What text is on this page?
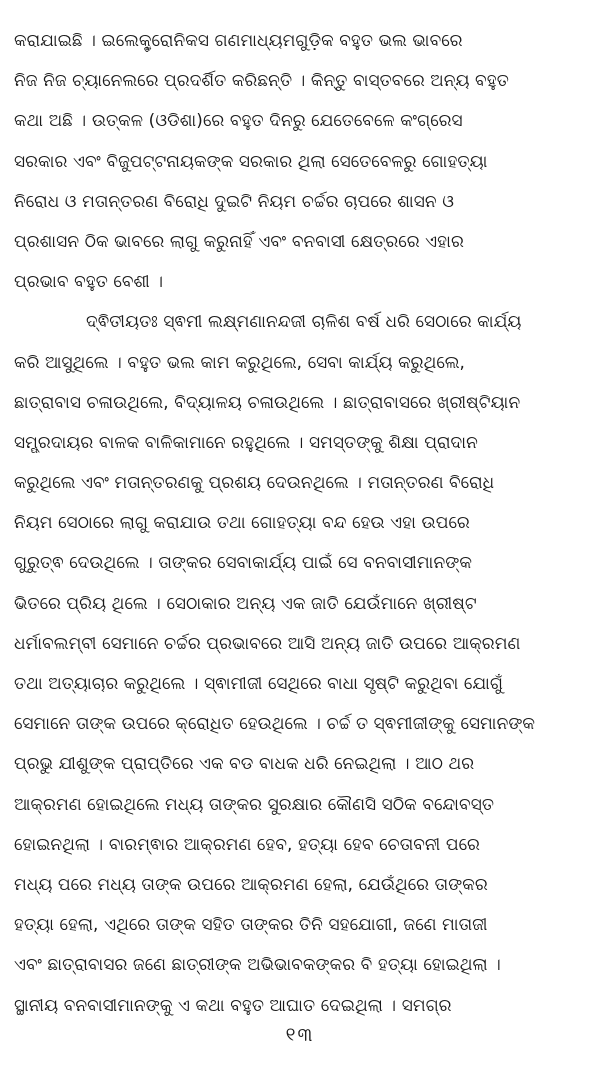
କରାଯାଇଛି । ଇଲେକ୍ଟ୍ରୋନିକସ ଗଣମାଧ୍ୟମଗୁଡ଼ିକ ବହୁତ ଭଲ ଭାବରେ
ନିଜ ନିଜ ଚ୍ୟାନେଲରେ ପ୍ରଦର୍ଶିତ କରିଛନ୍ତି । କିନ୍ତୁ ବାସ୍ତବରେ ଅନ୍ୟ ବହୁତ
କଥା ଅଛି । ଉତ୍କଳ (ଓଡିଶା)ରେ ବହୁତ ଦିନରୁ ଯେତେବେଳେ କଂଗ୍ରେସ
ସରକାର ଏବଂ ବିଜୁପଟ୍ଟନାୟକଙ୍କ ସରକାର ଥିଲା ସେତେବେଳରୁ ଗୋହତ୍ୟା
ନିରୋଧ ଓ ମତାନ୍ତରଣ ବିରୋଧି ଦୁଇଟି ନିୟମ ଚର୍ଚ୍ଚର ଚାପରେ ଶାସନ ଓ
ପ୍ରଶାସନ ଠିକ ଭାବରେ ଲାଗୁ କରୁନାହିଁ ଏବଂ ବନବାସୀ କ୍ଷେତ୍ରରେ ଏହାର
ପ୍ରଭାବ ବହୁତ ବେଶୀ ।
ଦ୍ଵିତୀୟତଃ ସ୍ଵମୀ ଲକ୍ଷ୍ମଣାନନ୍ଦଜୀ ଚାଳିଶ ବର୍ଷ ଧରି ସେଠାରେ କାର୍ଯ୍ୟ
କରି ଆସୁଥିଲେ । ବହୁତ ଭଲ କାମ କରୁଥିଲେ, ସେବା କାର୍ଯ୍ୟ କରୁଥିଲେ,
ଛାତ୍ରାବାସ ଚଳାଉଥିଲେ, ବିଦ୍ୟାଳୟ ଚଳାଉଥିଲେ । ଛାତ୍ରାବାସରେ ଖ୍ରୀଷ୍ଟିୟାନ
ସମ୍ପ୍ରଦାୟର ବାଳକ ବାଳିକାମାନେ ରହୁଥିଲେ । ସମସ୍ତଙ୍କୁ ଶିକ୍ଷା ପ୍ରାଦାନ
କରୁଥିଲେ ଏବଂ ମତାନ୍ତରଣକୁ ପ୍ରଶୟ ଦେଉନଥିଲେ । ମତାନ୍ତରଣ ବିରୋଧି
ନିୟମ ସେଠାରେ ଲାଗୁ କରାଯାଉ ତଥା ଗୋହତ୍ୟା ବନ୍ଦ ହେଉ ଏହା ଉପରେ
ଗୁରୁତ୍ଵ ଦେଉଥିଲେ । ତାଙ୍କର ସେବାକାର୍ଯ୍ୟ ପାଇଁ ସେ ବନବାସୀମାନଙ୍କ
ଭିତରେ ପ୍ରିୟ ଥିଲେ । ସେଠାକାର ଅନ୍ୟ ଏକ ଜାତି ଯେଉଁମାନେ ଖ୍ରୀଷ୍ଟ
ଧର୍ମାବଲମ୍ବୀ ସେମାନେ ଚର୍ଚ୍ଚର ପ୍ରଭାବରେ ଆସି ଅନ୍ୟ ଜାତି ଉପରେ ଆକ୍ରମଣ
ତଥା ଅତ୍ୟାଚାର କରୁଥିଲେ । ସ୍ଵାମୀଜୀ ସେଥିରେ ବାଧା ସୃଷ୍ଟି କରୁଥିବା ଯୋଗୁଁ
ସେମାନେ ତାଙ୍କ ଉପରେ କ୍ରୋଧିତ ହେଉଥିଲେ । ଚର୍ଚ୍ଚ ତ ସ୍ଵମୀଜୀଙ୍କୁ ସେମାନଙ୍କ
ପ୍ରଭୁ ଯୀଶୁଙ୍କ ପ୍ରାପ୍ତିରେ ଏକ ବଡ ବାଧକ ଧରି ନେଇଥିଲା । ଆଠ ଥର
ଆକ୍ରମଣ ହୋଇଥିଲେ ମଧ୍ୟ ତାଙ୍କର ସୁରକ୍ଷାର କୌଣସି ସଠିକ ବନ୍ଦୋବସ୍ତ
ହୋଇନଥିଲା । ବାରମ୍ଵାର ଆକ୍ରମଣ ହେବ, ହତ୍ୟା ହେବ ଚେତାବନୀ ପରେ
ମଧ୍ୟ ପରେ ମଧ୍ୟ ତାଙ୍କ ଉପରେ ଆକ୍ରମଣ ହେଲା, ଯେଉଁଥିରେ ତାଙ୍କର
ହତ୍ୟା ହେଲା, ଏଥିରେ ତାଙ୍କ ସହିତ ତାଙ୍କର ତିନି ସହଯୋଗୀ, ଜଣେ ମାତାଜୀ
ଏବଂ ଛାତ୍ରାବାସର ଜଣେ ଛାତ୍ରୀଙ୍କ ଅଭିଭାବକଙ୍କର ବି ହତ୍ୟା ହୋଇଥିଲା ।
ସ୍ଥାନୀୟ ବନବାସୀମାନଙ୍କୁ ଏ କଥା ବହୁତ ଆଘାତ ଦେଇଥିଲା । ସମଗ୍ର
୧୩
